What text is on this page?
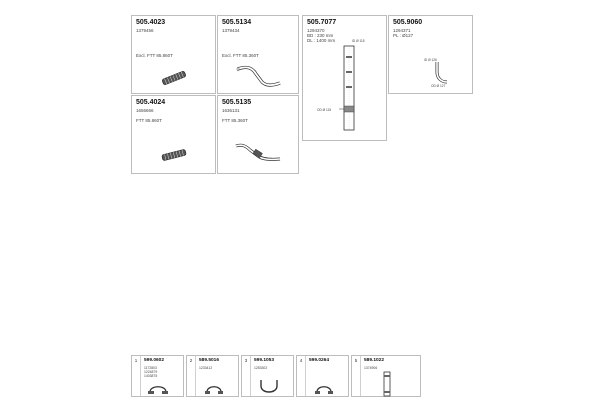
505.4023
1379456
Excl. FTT 85.860T
505.5134
1379434
Excl. FTT 85.360T
505.7077
1294370
BD : 230 mm
DL : 1400 mm	ID Ø 115
OD Ø 115
505.9060
1294371
PL : Ø127
ID Ø 126
OD Ø 127
505.4024
1656666
FTT 85.860T
505.5135
1636131
FTT 85.360T
1	599.0602
1172803
1224879
1403875
2	589.5016
1233412
3	599.1053
1253302
4	599.0264	5	589.1022
1374906
